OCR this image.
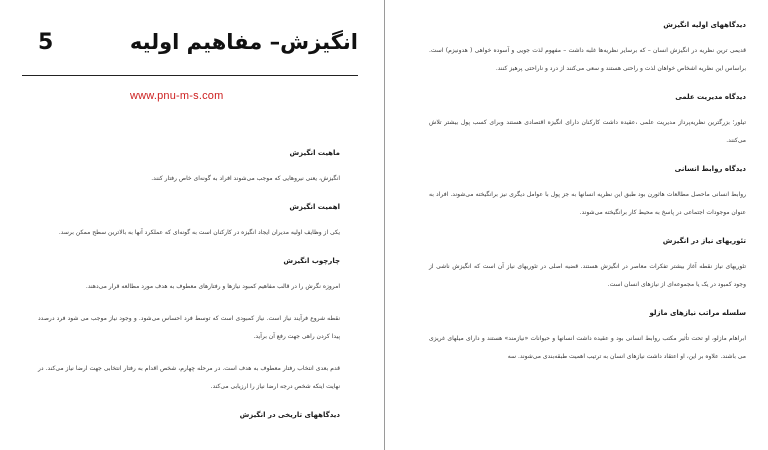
5	انگیزش– مفاهیم اولیه
www.pnu-m-s.com
ماهیت انگیزش
انگیزش، یعنی نیروهایی که موجب می‌شوند افراد به گونه‌ای خاص رفتار کنند.
اهمیت انگیزش
یکی از وظایف اولیه مدیران ایجاد انگیزه در کارکنان است به گونه‌ای که عملکرد آنها به بالاترین سطح ممکن برسد.
چارچوب انگیزش
امروزه نگرش را در قالب مفاهیم کمبود نیازها و رفتارهای معطوف به هدف مورد مطالعه قرار می‌دهند.
نقطه شروع فرآیند نیاز است. نیاز کمبودی است که توسط فرد احساس می‌شود. و وجود نیاز موجب می شود فرد درصدد پیدا کردن راهی جهت رفع آن برآید.
قدم بعدی انتخاب رفتار معطوف به هدف است. در مرحله چهارم، شخص اقدام به رفتار انتخابی جهت ارضا نیاز می‌کند. در نهایت اینکه شخص درجه ارضا نیاز را ارزیابی می‌کند.
دیدگاههای تاریخی در انگیزش
دیدگاههای اولیه انگیزش
قدیمی ترین نظریه در انگیزش انسان – که برسایر نظریه‌ها غلبه داشت – مفهوم لذت جویی و آسوده خواهی ( هدونیزم) است. براساس این نظریه اشخاص خواهان لذت و راحتی هستند و سعی می‌کنند از درد و ناراحتی پرهیز کنند.
دیدگاه مدیریت علمی
تیلور؛ بزرگترین نظریه‌پرداز مدیریت علمی ،عقیده داشت کارکنان دارای انگیزه اقتصادی هستند وبرای کسب پول بیشتر تلاش می‌کنند.
دیدگاه روابط انسانی
روابط انسانی ماحصل مطالعات هاثورن بود طبق این نظریه انسانها به جز پول با عوامل دیگری نیز برانگیخته می‌شوند. افراد به عنوان موجودات اجتماعی در پاسخ به محیط کار برانگیخته می‌شوند.
تئوریهای نیاز در انگیزش
تئوریهای نیاز نقطه آغاز بیشتر تفکرات معاصر در انگیزش هستند. قضیه اصلی در تئوریهای نیاز آن است که انگیزش ناشی از وجود کمبود در یک یا مجموعه‌ای از نیازهای انسان است.
سلسله مراتب نیازهای مازلو
ابراهام مازلو، او تحت تأثیر مکتب روابط انسانی بود و عقیده داشت انسانها و حیوانات «نیازمند» هستند و دارای میلهای غریزی می باشند. علاوه بر این، او اعتقاد داشت نیازهای انسان به ترتیب اهمیت طبقه‌بندی می‌شوند. سه
